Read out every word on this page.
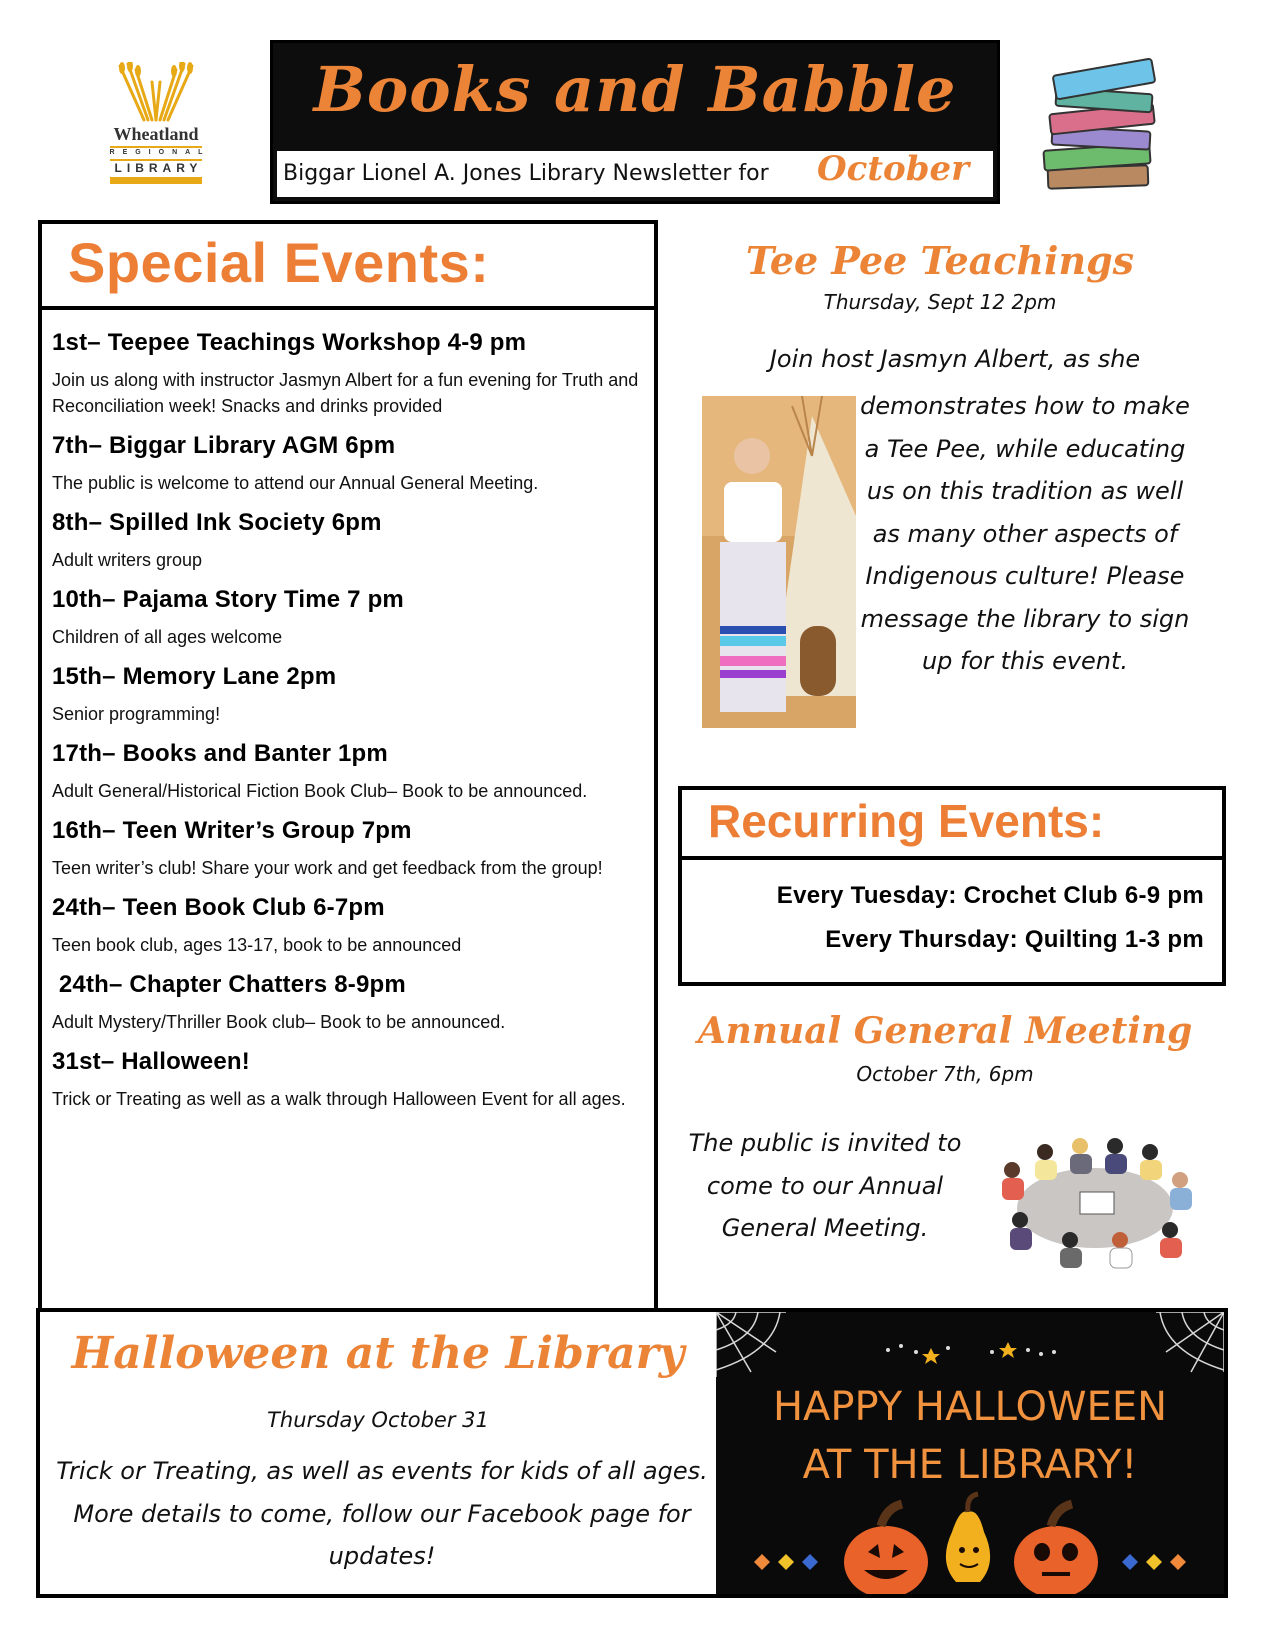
Wheatland
REGIONAL
LIBRARY
Books and Babble
Biggar Lionel A. Jones Library Newsletter for October
Special Events:
1st– Teepee Teachings Workshop 4-9 pm

Join us along with instructor Jasmyn Albert for a fun evening for Truth and Reconciliation week! Snacks and drinks provided

7th– Biggar Library AGM 6pm

The public is welcome to attend our Annual General Meeting.

8th– Spilled Ink Society 6pm

Adult writers group

10th– Pajama Story Time 7 pm

Children of all ages welcome

15th– Memory Lane 2pm

Senior programming!

17th– Books and Banter 1pm

Adult General/Historical Fiction Book Club– Book to be announced.

16th– Teen Writer’s Group 7pm

Teen writer’s club! Share your work and get feedback from the group!

24th– Teen Book Club 6-7pm

Teen book club, ages 13-17, book to be announced

24th– Chapter Chatters 8-9pm

Adult Mystery/Thriller Book club– Book to be announced.

31st– Halloween!

Trick or Treating as well as a walk through Halloween Event for all ages.

Tee Pee Teachings
Thursday, Sept 12 2pm
Join host Jasmyn Albert, as she
demonstrates how to make a Tee Pee, while educating us on this tradition as well as many other aspects of Indigenous culture! Please message the library to sign up for this event.
Recurring Events:
Every Tuesday: Crochet Club 6-9 pm
Every Thursday: Quilting 1-3 pm
Annual General Meeting
October 7th, 6pm
The public is invited to come to our Annual General Meeting.
Halloween at the Library
Thursday October 31
Trick or Treating, as well as events for kids of all ages. More details to come, follow our Facebook page for updates!
HAPPY HALLOWEEN
AT THE LIBRARY!
